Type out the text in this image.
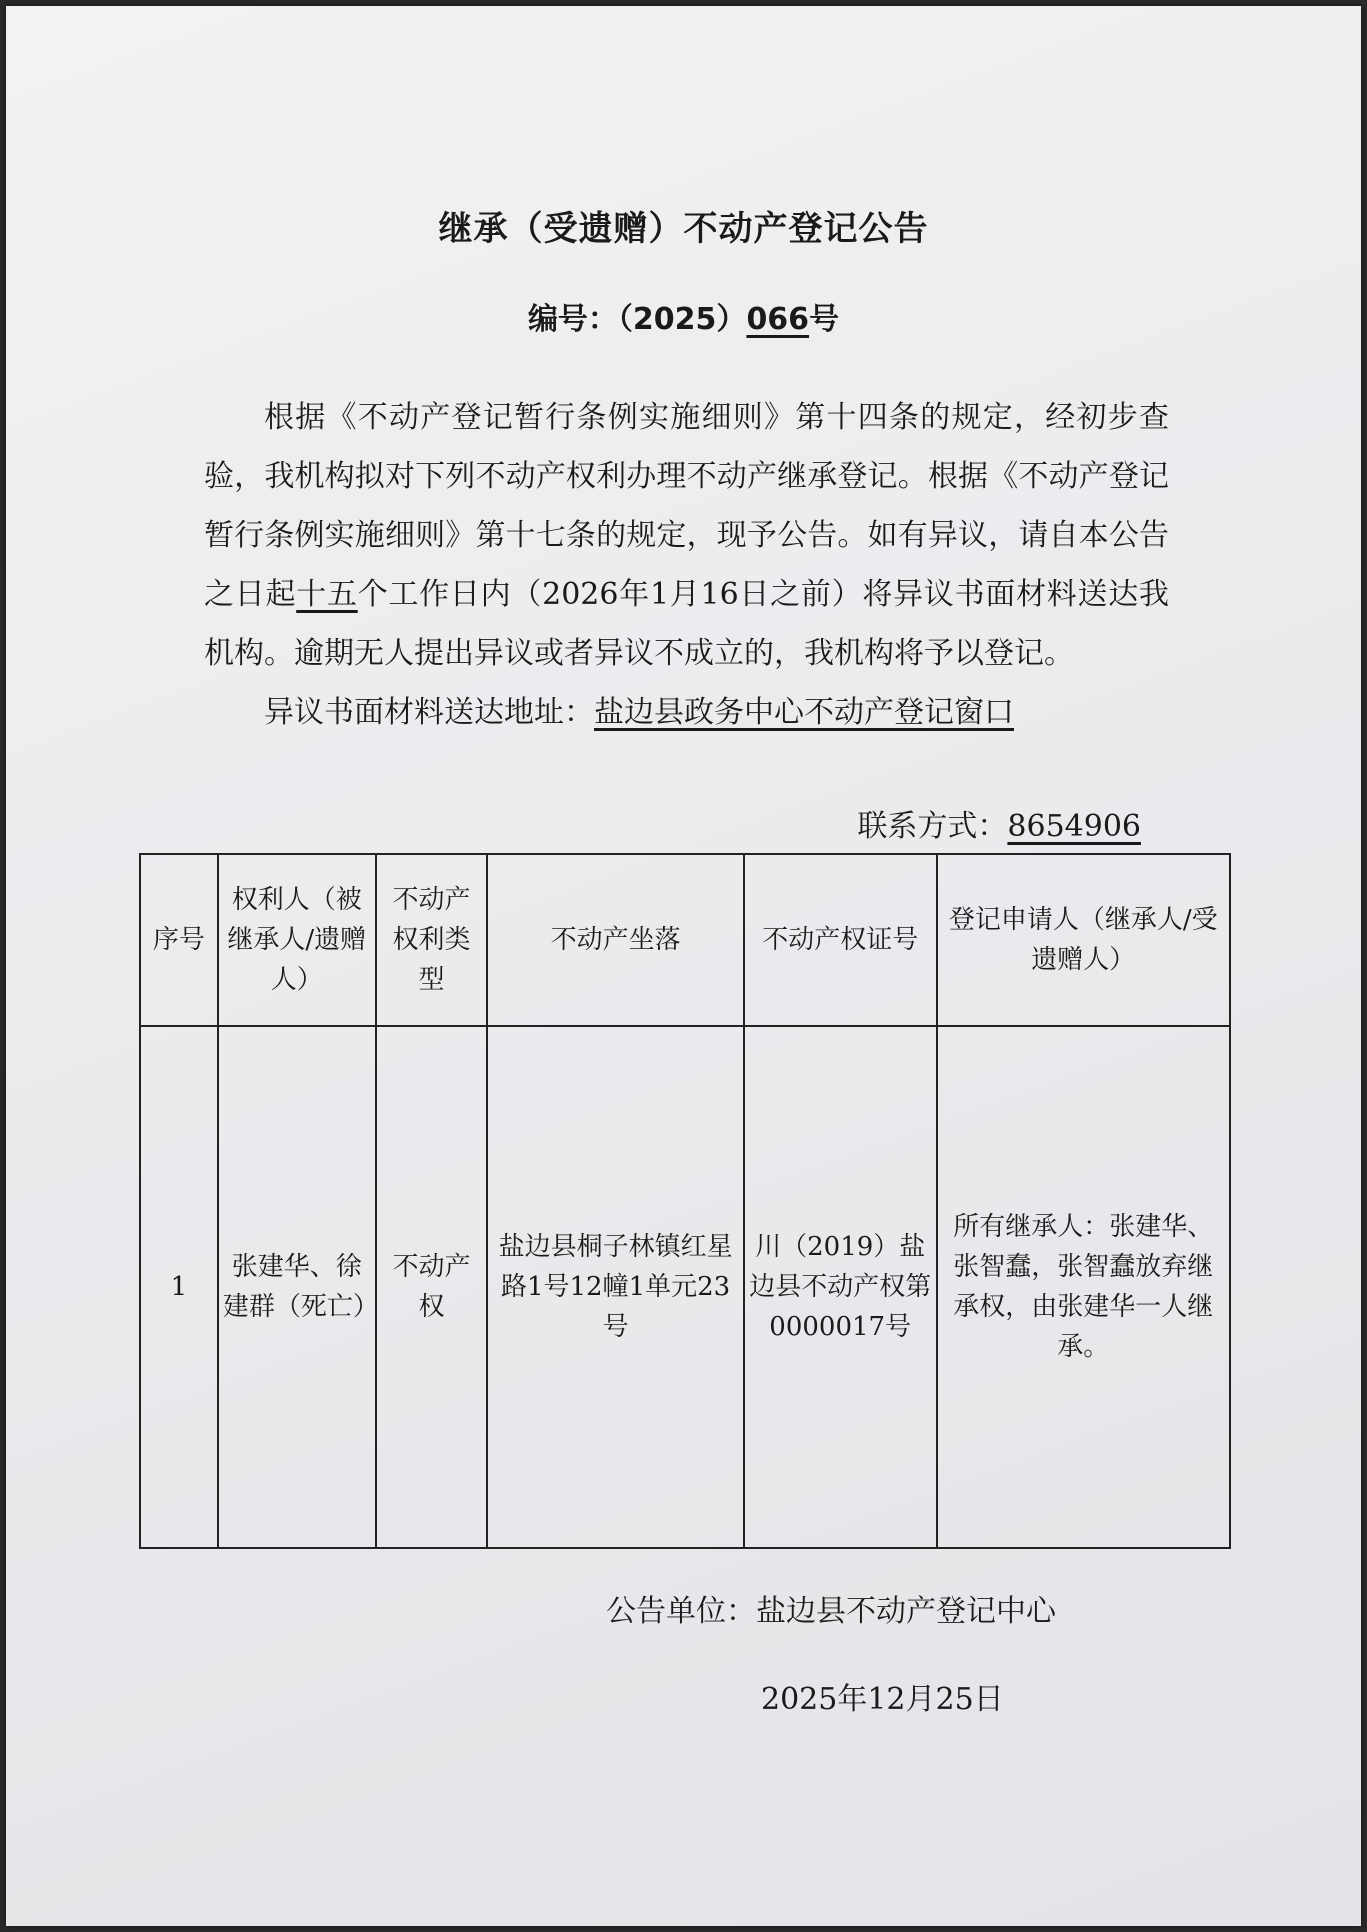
继承（受遗赠）不动产登记公告
编号：（2025）066号

根据《不动产登记暂行条例实施细则》第十四条的规定，经初步查验，我机构拟对下列不动产权利办理不动产继承登记。根据《不动产登记暂行条例实施细则》第十七条的规定，现予公告。如有异议，请自本公告之日起十五个工作日内（2026年1月16日之前）将异议书面材料送达我机构。逾期无人提出异议或者异议不成立的，我机构将予以登记。

异议书面材料送达地址：盐边县政务中心不动产登记窗口

联系方式：8654906
序号	权利人（被继承人/遗赠人）	不动产权利类型	不动产坐落	不动产权证号	登记申请人（继承人/受遗赠人）
1	张建华、徐建群（死亡）	不动产权	盐边县桐子林镇红星路1号12幢1单元23号	川（2019）盐边县不动产权第0000017号	所有继承人：张建华、张智蠢，张智蠢放弃继承权，由张建华一人继承。
公告单位：盐边县不动产登记中心
2025年12月25日
